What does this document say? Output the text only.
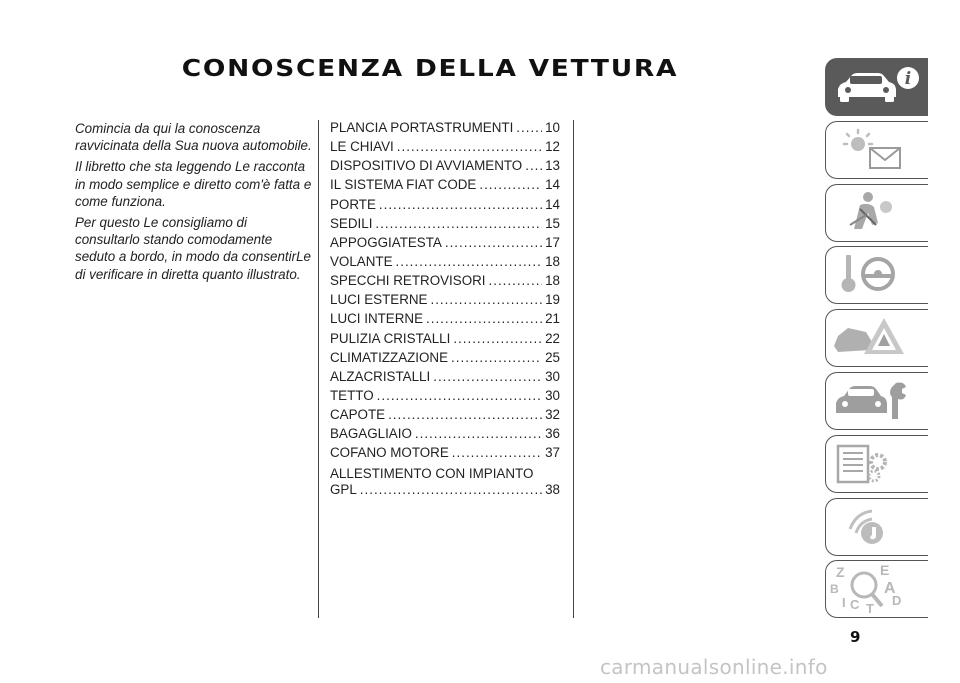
CONOSCENZA DELLA VETTURA

Comincia da qui la conoscenza ravvicinata della Sua nuova automobile.

Il libretto che sta leggendo Le racconta in modo semplice e diretto com'è fatta e come funziona.

Per questo Le consigliamo di consultarlo stando comodamente seduto a bordo, in modo da consentirLe di verificare in diretta quanto illustrato.

PLANCIA PORTASTRUMENTI ..... 10
LE CHIAVI .....	12
DISPOSITIVO DI AVVIAMENTO ..... 13
IL SISTEMA FIAT CODE .....	14
PORTE .....	14
SEDILI .....	15
APPOGGIATESTA .....	17
VOLANTE .....	18
SPECCHI RETROVISORI .....	18
LUCI ESTERNE .....	19
LUCI INTERNE .....	21
PULIZIA CRISTALLI .....	22
CLIMATIZZAZIONE .....	25
ALZACRISTALLI .....	30
TETTO .....	30
CAPOTE .....	32
BAGAGLIAIO .....	36
COFANO MOTORE .....	37
ALLESTIMENTO CON IMPIANTO
GPL .....	38
i
Z	E
B	A
I C T
D
9
carmanualsonline.info
